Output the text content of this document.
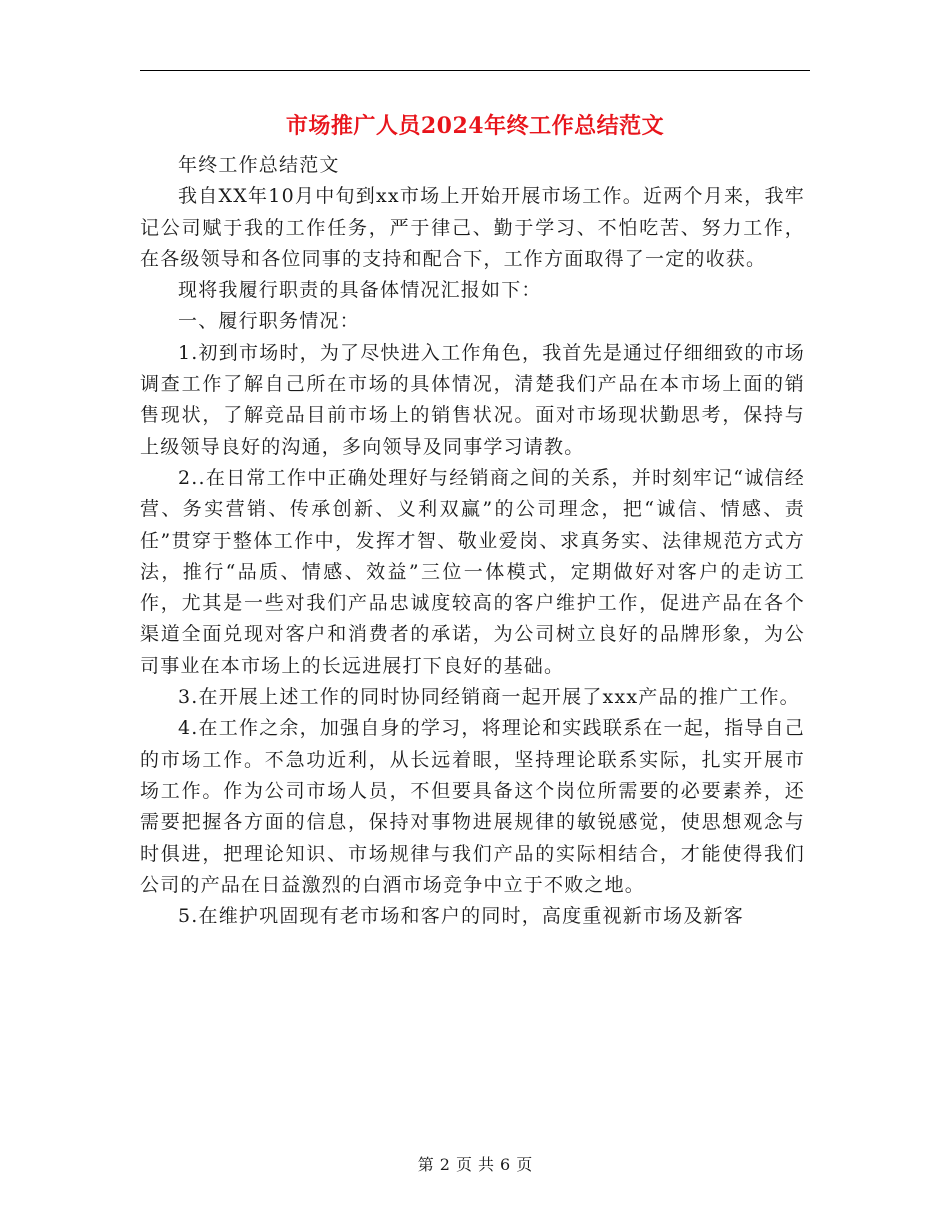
市场推广人员2024年终工作总结范文

年终工作总结范文

我自XX年10月中旬到xx市场上开始开展市场工作。近两个月来，我牢记公司赋于我的工作任务，严于律己、勤于学习、不怕吃苦、努力工作，在各级领导和各位同事的支持和配合下，工作方面取得了一定的收获。

现将我履行职责的具备体情况汇报如下：

一、履行职务情况：

1.初到市场时，为了尽快进入工作角色，我首先是通过仔细细致的市场调查工作了解自己所在市场的具体情况，清楚我们产品在本市场上面的销售现状，了解竞品目前市场上的销售状况。面对市场现状勤思考，保持与上级领导良好的沟通，多向领导及同事学习请教。

2..在日常工作中正确处理好与经销商之间的关系，并时刻牢记“诚信经营、务实营销、传承创新、义利双赢”的公司理念，把“诚信、情感、责任”贯穿于整体工作中，发挥才智、敬业爱岗、求真务实、法律规范方式方法，推行“品质、情感、效益”三位一体模式，定期做好对客户的走访工作，尤其是一些对我们产品忠诚度较高的客户维护工作，促进产品在各个渠道全面兑现对客户和消费者的承诺，为公司树立良好的品牌形象，为公司事业在本市场上的长远进展打下良好的基础。

3.在开展上述工作的同时协同经销商一起开展了xxx产品的推广工作。

4.在工作之余，加强自身的学习，将理论和实践联系在一起，指导自己的市场工作。不急功近利，从长远着眼，坚持理论联系实际，扎实开展市场工作。作为公司市场人员，不但要具备这个岗位所需要的必要素养，还需要把握各方面的信息，保持对事物进展规律的敏锐感觉，使思想观念与时俱进，把理论知识、市场规律与我们产品的实际相结合，才能使得我们公司的产品在日益激烈的白酒市场竞争中立于不败之地。

5.在维护巩固现有老市场和客户的同时，高度重视新市场及新客

第 2 页 共 6 页
